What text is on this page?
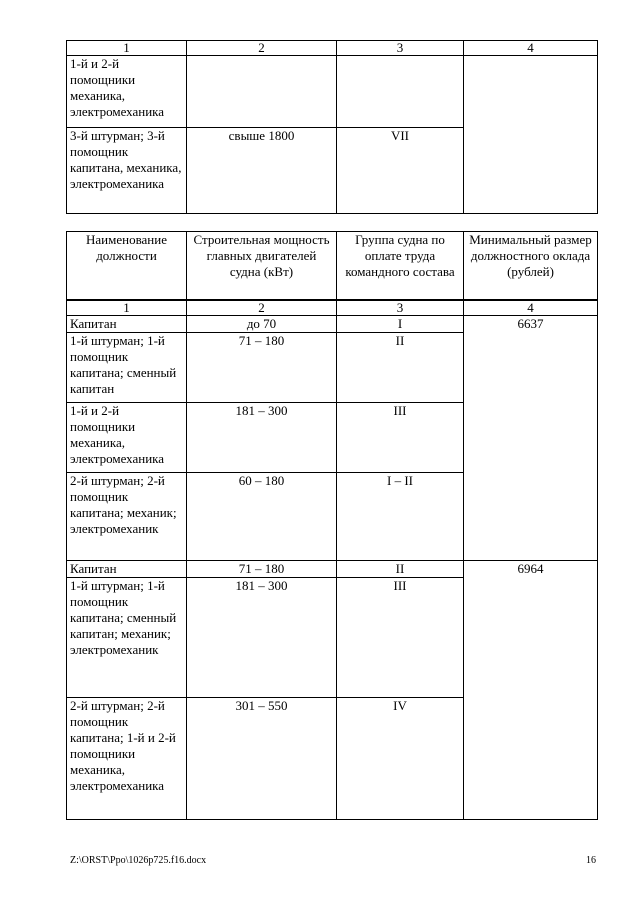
1	2	3	4
1-й и 2-й помощники механика, электромеханика			
3-й штурман; 3-й помощник капитана, механика, электромеханика	свыше 1800	VII	
Наименование должности	Строительная мощность главных двигателей судна (кВт)	Группа судна по оплате труда командного состава	Минимальный размер должностного оклада (рублей)
1	2	3	4
Капитан	до 70	I	6637
1-й штурман; 1-й помощник капитана; сменный капитан	71 – 180	II	
1-й и 2-й помощники механика, электромеханика	181 – 300	III	
2-й штурман; 2-й помощник капитана; механик; электромеханик	60 – 180	I – II	
Капитан	71 – 180	II	6964
1-й штурман; 1-й помощник капитана; сменный капитан; механик; электромеханик	181 – 300	III	
2-й штурман; 2-й помощник капитана; 1-й и 2-й помощники механика, электромеханика	301 – 550	IV	
Z:\ORST\Ppo\1026p725.f16.docx	16
